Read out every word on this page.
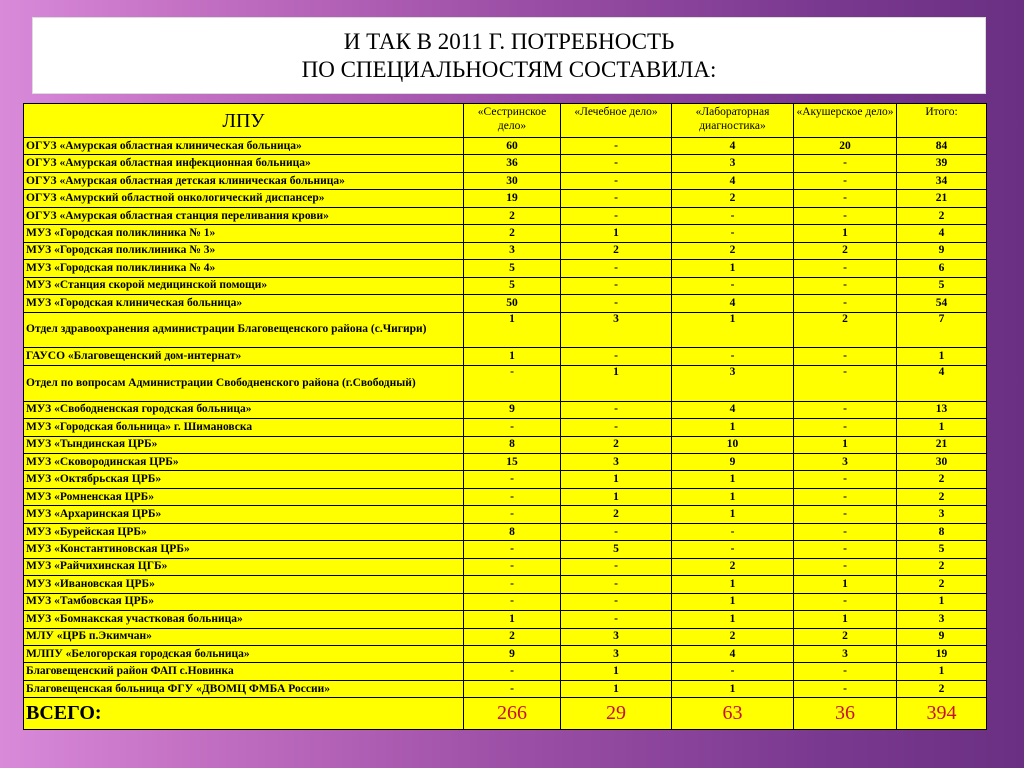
И ТАК В 2011 Г. ПОТРЕБНОСТЬ
ПО СПЕЦИАЛЬНОСТЯМ СОСТАВИЛА:
ЛПУ	«Сестринское дело»	«Лечебное дело»	«Лабораторная диагностика»	«Акушерское дело»	Итого:
ОГУЗ «Амурская областная клиническая больница»	60	-	4	20	84
ОГУЗ «Амурская областная инфекционная больница»	36	-	3	-	39
ОГУЗ «Амурская областная детская клиническая больница»	30	-	4	-	34
ОГУЗ «Амурский областной онкологический диспансер»	19	-	2	-	21
ОГУЗ «Амурская областная станция переливания крови»	2	-	-	-	2
МУЗ «Городская поликлиника № 1»	2	1	-	1	4
МУЗ «Городская поликлиника № 3»	3	2	2	2	9
МУЗ «Городская поликлиника № 4»	5	-	1	-	6
МУЗ «Станция скорой медицинской помощи»	5	-	-	-	5
МУЗ «Городская клиническая больница»	50	-	4	-	54
Отдел здравоохранения администрации Благовещенского района (с.Чигири)	1	3	1	2	7
ГАУСО «Благовещенский дом-интернат»	1	-	-	-	1
Отдел по вопросам Администрации Свободненского района (г.Свободный)	-	1	3	-	4
МУЗ «Свободненская городская больница»	9	-	4	-	13
МУЗ «Городская больница» г. Шимановска	-	-	1	-	1
МУЗ «Тындинская ЦРБ»	8	2	10	1	21
МУЗ «Сковородинская ЦРБ»	15	3	9	3	30
МУЗ «Октябрьская ЦРБ»	-	1	1	-	2
МУЗ «Ромненская ЦРБ»	-	1	1	-	2
МУЗ «Архаринская ЦРБ»	-	2	1	-	3
МУЗ «Бурейская ЦРБ»	8	-	-	-	8
МУЗ «Константиновская ЦРБ»	-	5	-	-	5
МУЗ «Райчихинская ЦГБ»	-	-	2	-	2
МУЗ «Ивановская ЦРБ»	-	-	1	1	2
МУЗ «Тамбовская ЦРБ»	-	-	1	-	1
МУЗ «Бомнакская участковая больница»	1	-	1	1	3
МЛУ «ЦРБ п.Экимчан»	2	3	2	2	9
МЛПУ «Белогорская городская больница»	9	3	4	3	19
Благовещенский район ФАП с.Новинка	-	1	-	-	1
Благовещенская больница ФГУ «ДВОМЦ ФМБА России»	-	1	1	-	2
ВСЕГО:	266	29	63	36	394
